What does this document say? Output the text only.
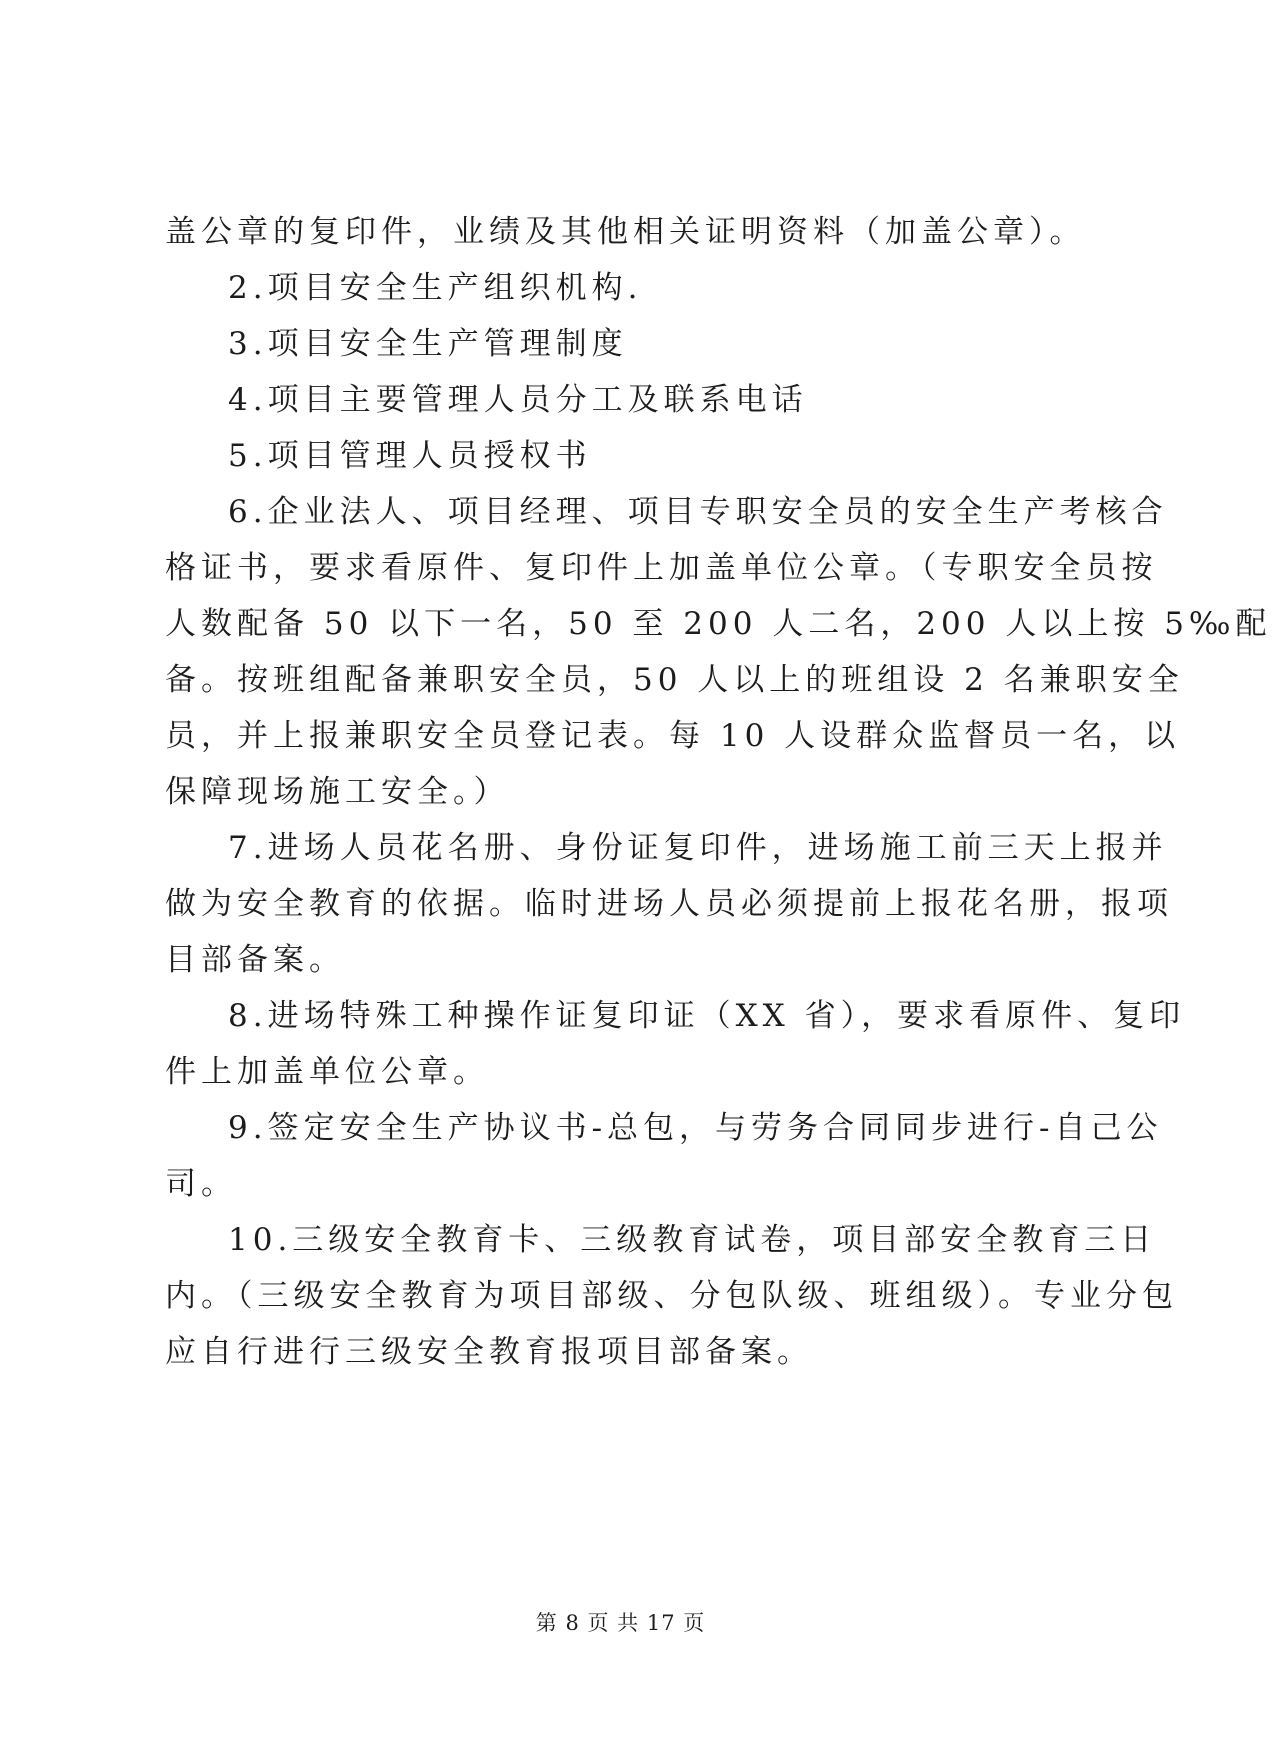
盖公章的复印件，业绩及其他相关证明资料（加盖公章）。
2.项目安全生产组织机构.
3.项目安全生产管理制度
4.项目主要管理人员分工及联系电话
5.项目管理人员授权书
6.企业法人、项目经理、项目专职安全员的安全生产考核合
格证书，要求看原件、复印件上加盖单位公章。（专职安全员按
人数配备 50 以下一名，50 至 200 人二名，200 人以上按 5‰配
备。按班组配备兼职安全员，50 人以上的班组设 2 名兼职安全
员，并上报兼职安全员登记表。每 10 人设群众监督员一名，以
保障现场施工安全。）
7.进场人员花名册、身份证复印件，进场施工前三天上报并
做为安全教育的依据。临时进场人员必须提前上报花名册，报项
目部备案。
8.进场特殊工种操作证复印证（XX 省），要求看原件、复印
件上加盖单位公章。
9.签定安全生产协议书-总包，与劳务合同同步进行-自己公
司。
10.三级安全教育卡、三级教育试卷，项目部安全教育三日
内。（三级安全教育为项目部级、分包队级、班组级）。专业分包
应自行进行三级安全教育报项目部备案。
第 8 页 共 17 页
